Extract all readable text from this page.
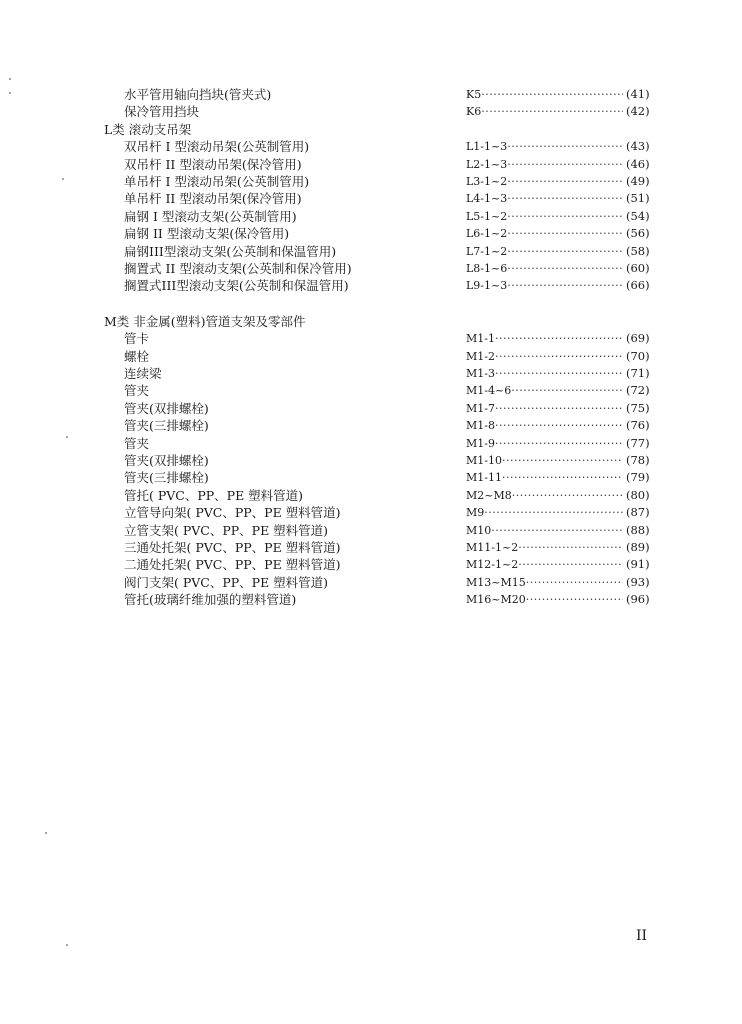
水平管用轴向挡块(管夹式)	K5 ·····	(41)
保冷管用挡块	K6 ·····	(42)
L类 滚动支吊架
双吊杆 I 型滚动吊架(公英制管用)	L1-1~3 ·····	(43)
双吊杆 II 型滚动吊架(保冷管用)	L2-1~3 ·····	(46)
单吊杆 I 型滚动吊架(公英制管用)	L3-1~2 ·····	(49)
单吊杆 II 型滚动吊架(保冷管用)	L4-1~3 ·····	(51)
扁钢 I 型滚动支架(公英制管用)	L5-1~2 ·····	(54)
扁钢 II 型滚动支架(保冷管用)	L6-1~2 ·····	(56)
扁钢III型滚动支架(公英制和保温管用)	L7-1~2 ·····	(58)
搁置式 II 型滚动支架(公英制和保冷管用)	L8-1~6 ·····	(60)
搁置式III型滚动支架(公英制和保温管用)	L9-1~3 ·····	(66)
M类 非金属(塑料)管道支架及零部件
管卡	M1-1 ·····	(69)
螺栓	M1-2 ·····	(70)
连续梁	M1-3 ·····	(71)
管夹	M1-4~6 ·····	(72)
管夹(双排螺栓)	M1-7 ·····	(75)
管夹(三排螺栓)	M1-8 ·····	(76)
管夹	M1-9 ·····	(77)
管夹(双排螺栓)	M1-10 ·····	(78)
管夹(三排螺栓)	M1-11 ·····	(79)
管托( PVC、PP、PE 塑料管道)	M2~M8 ·····	(80)
立管导向架( PVC、PP、PE 塑料管道)	M9 ·····	(87)
立管支架( PVC、PP、PE 塑料管道)	M10 ·····	(88)
三通处托架( PVC、PP、PE 塑料管道)	M11-1~2 ·····	(89)
二通处托架( PVC、PP、PE 塑料管道)	M12-1~2 ·····	(91)
阀门支架( PVC、PP、PE 塑料管道)	M13~M15 ·····	(93)
管托(玻璃纤维加强的塑料管道)	M16~M20 ·····	(96)
II
